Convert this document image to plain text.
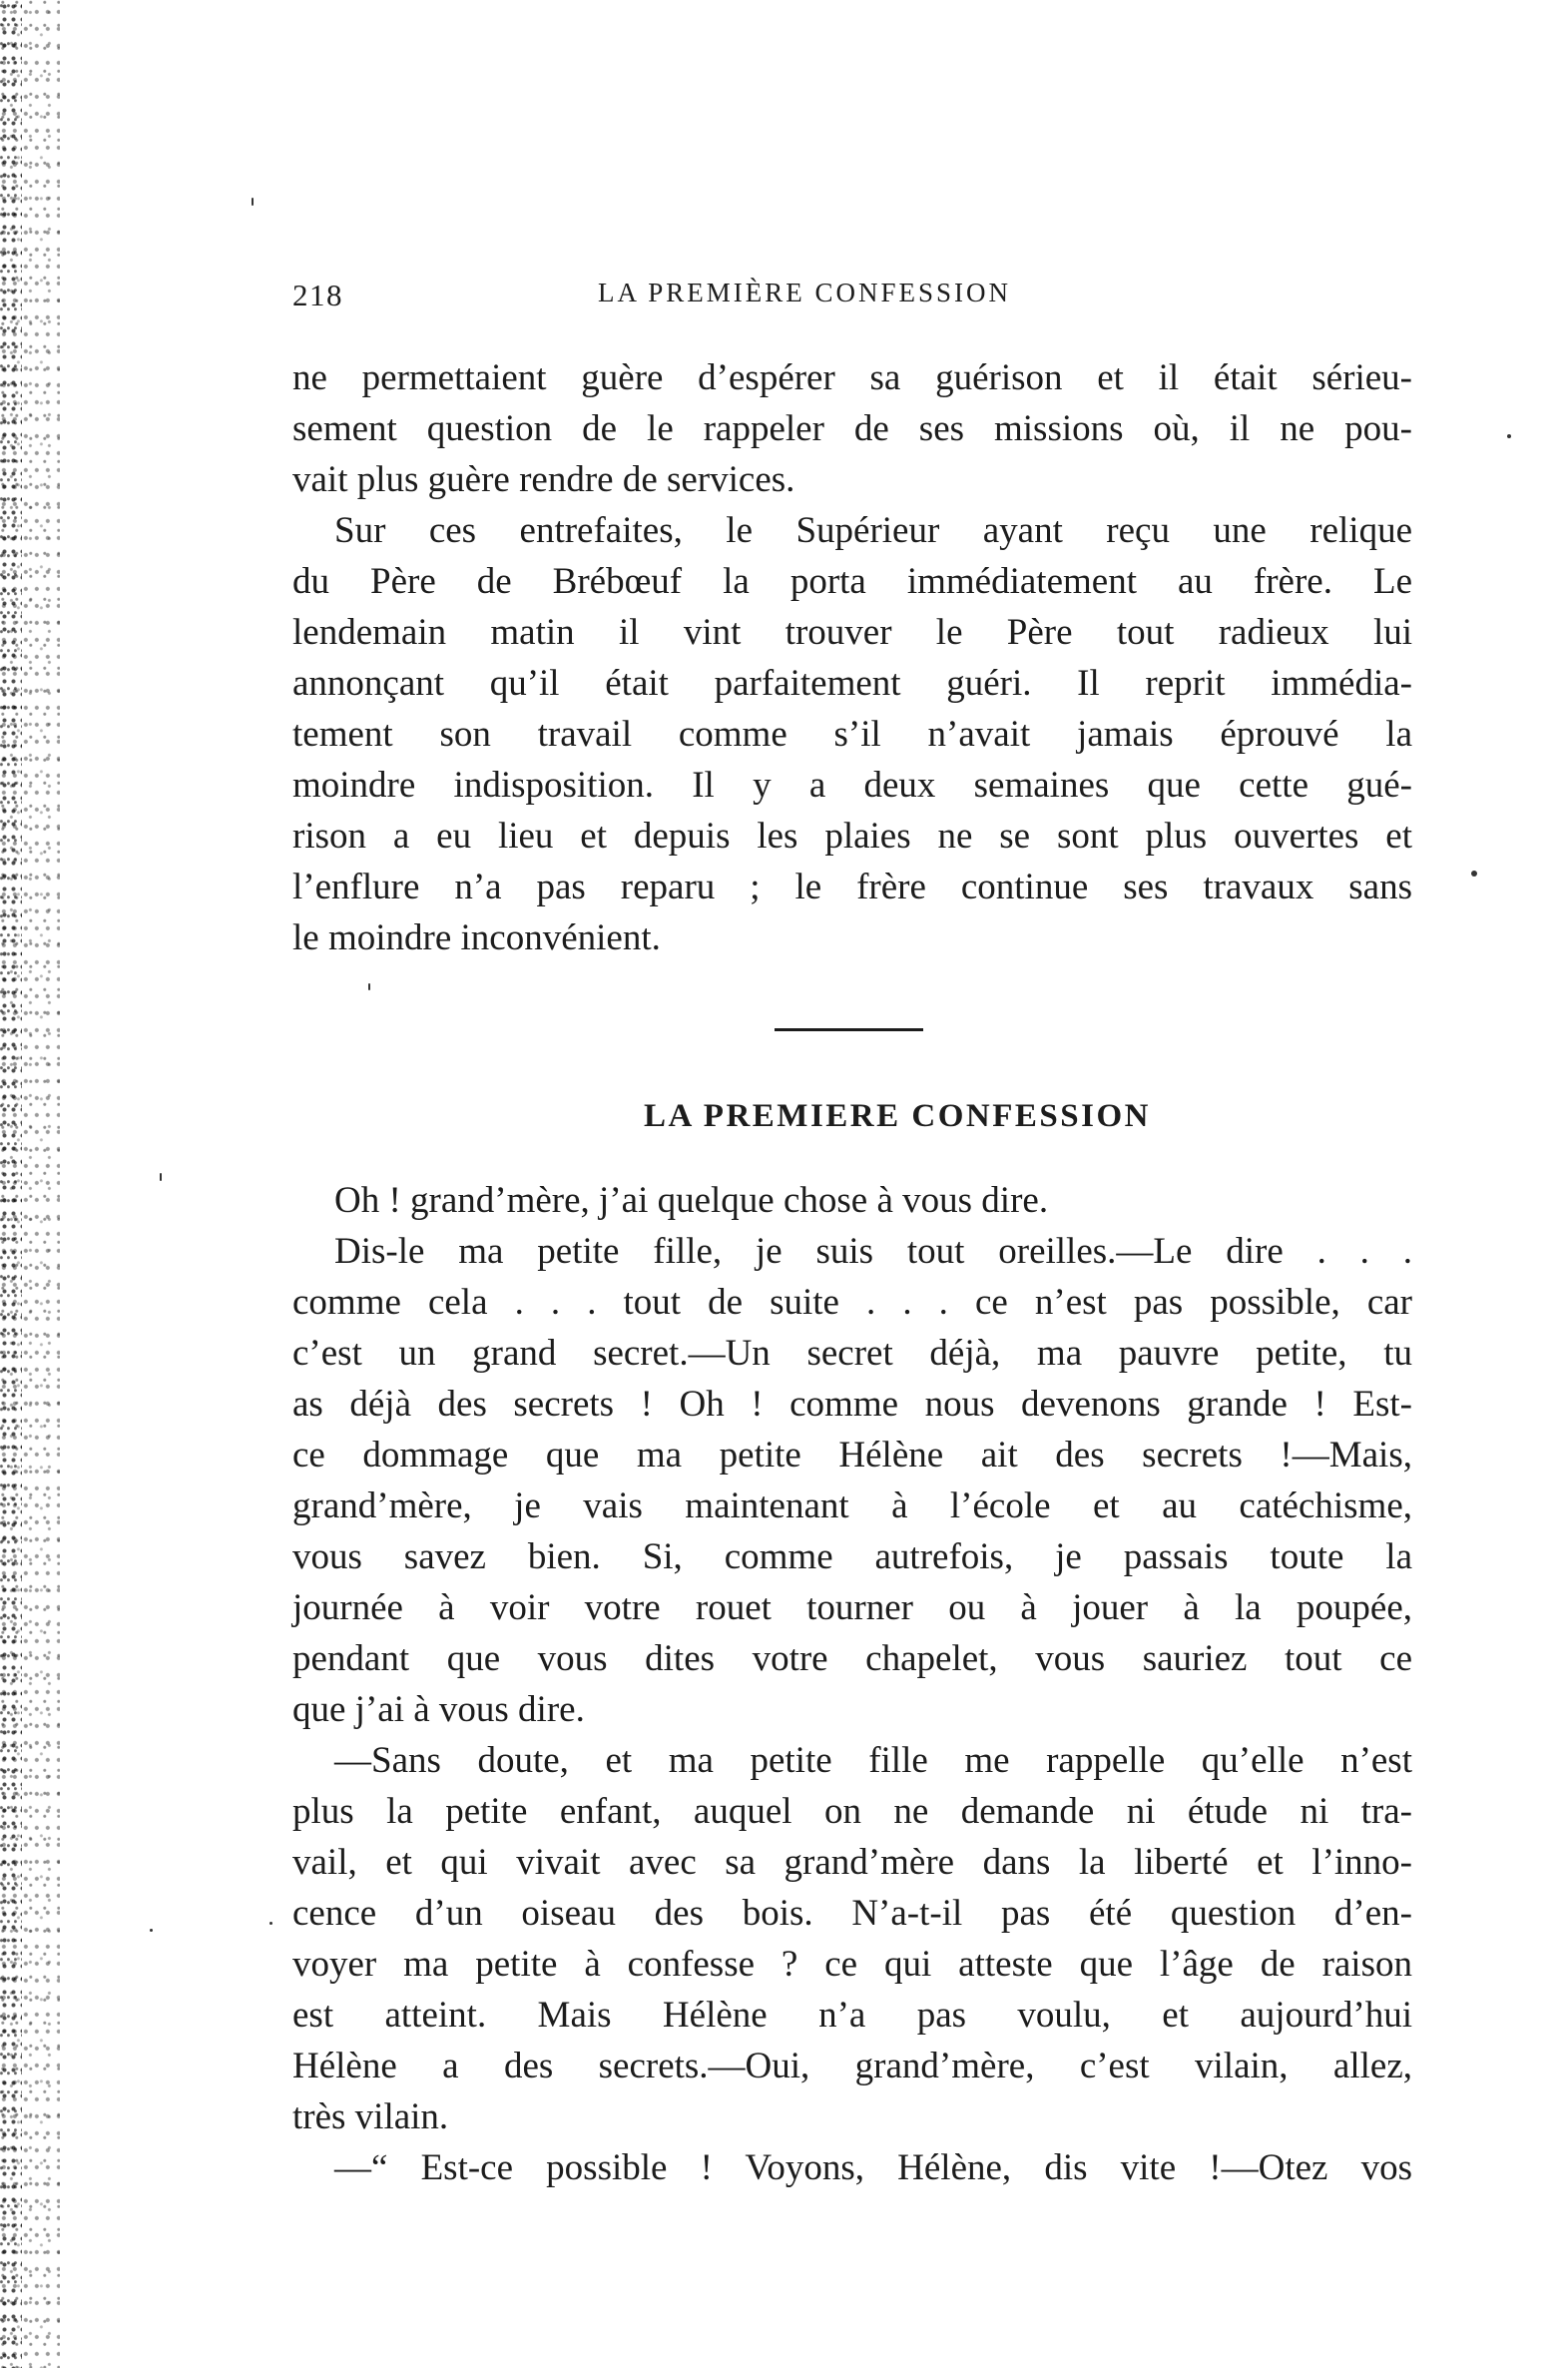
218	LA PREMIÈRE CONFESSION
ne permettaient guère d’espérer sa guérison et il était sérieu-
sement question de le rappeler de ses missions où, il ne pou-
vait plus guère rendre de services.
Sur ces entrefaites, le Supérieur ayant reçu une relique
du Père de Brébœuf la porta immédiatement au frère. Le
lendemain matin il vint trouver le Père tout radieux lui
annonçant qu’il était parfaitement guéri. Il reprit immédia-
tement son travail comme s’il n’avait jamais éprouvé la
moindre indisposition. Il y a deux semaines que cette gué-
rison a eu lieu et depuis les plaies ne se sont plus ouvertes et
l’enflure n’a pas reparu ; le frère continue ses travaux sans
le moindre inconvénient.
LA PREMIERE CONFESSION
Oh ! grand’mère, j’ai quelque chose à vous dire.
Dis-le ma petite fille, je suis tout oreilles.—Le dire . . .
comme cela . . . tout de suite . . . ce n’est pas possible, car
c’est un grand secret.—Un secret déjà, ma pauvre petite, tu
as déjà des secrets ! Oh ! comme nous devenons grande ! Est-
ce dommage que ma petite Hélène ait des secrets !—Mais,
grand’mère, je vais maintenant à l’école et au catéchisme,
vous savez bien. Si, comme autrefois, je passais toute la
journée à voir votre rouet tourner ou à jouer à la poupée,
pendant que vous dites votre chapelet, vous sauriez tout ce
que j’ai à vous dire.
—Sans doute, et ma petite fille me rappelle qu’elle n’est
plus la petite enfant, auquel on ne demande ni étude ni tra-
vail, et qui vivait avec sa grand’mère dans la liberté et l’inno-
cence d’un oiseau des bois. N’a-t-il pas été question d’en-
voyer ma petite à confesse ? ce qui atteste que l’âge de raison
est atteint. Mais Hélène n’a pas voulu, et aujourd’hui
Hélène a des secrets.—Oui, grand’mère, c’est vilain, allez,
très vilain.
—“ Est-ce possible ! Voyons, Hélène, dis vite !—Otez vos
